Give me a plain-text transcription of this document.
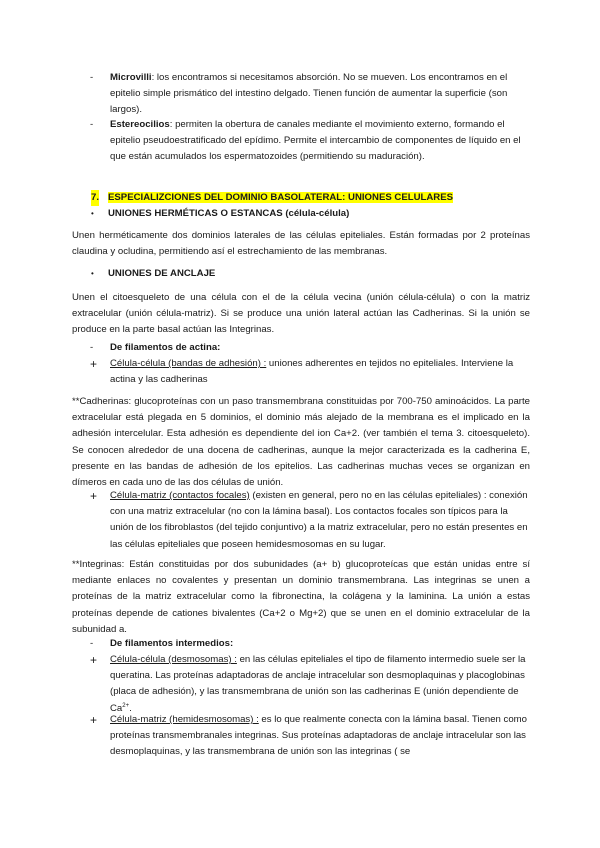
- Microvilli: los encontramos si necesitamos absorción. No se mueven. Los encontramos en el epitelio simple prismático del intestino delgado. Tienen función de aumentar la superficie (son largos).
- Estereocilios: permiten la obertura de canales mediante el movimiento externo, formando el epitelio pseudoestratificado del epídimo. Permite el intercambio de componentes de líquido en el que están acumulados los espermatozoides (permitiendo su maduración).
7. ESPECIALIZCIONES DEL DOMINIO BASOLATERAL: UNIONES CELULARES
• UNIONES HERMÉTICAS O ESTANCAS (célula-célula)

Unen herméticamente dos dominios laterales de las células epiteliales. Están formadas por 2 proteínas claudina y ocludina, permitiendo así el estrechamiento de las membranas.

• UNIONES DE ANCLAJE

Unen el citoesqueleto de una célula con el de la célula vecina (unión célula-célula) o con la matriz extracelular (unión célula-matriz). Si se produce una unión lateral actúan las Cadherinas. Si la unión se produce en la parte basal actúan las Integrinas.

- De filamentos de actina:
+ Célula-célula (bandas de adhesión) : uniones adherentes en tejidos no epiteliales. Interviene la actina y las cadherinas

**Cadherinas: glucoproteínas con un paso transmembrana constituidas por 700-750 aminoácidos. La parte extracelular está plegada en 5 dominios, el dominio más alejado de la membrana es el implicado en la adhesión intercelular. Esta adhesión es dependiente del ion Ca+2. (ver también el tema 3. citoesqueleto). Se conocen alrededor de una docena de cadherinas, aunque la mejor caracterizada es la cadherina E, presente en las bandas de adhesión de los epitelios. Las cadherinas muchas veces se organizan en dímeros en cada uno de las dos células de unión.

+ Célula-matriz (contactos focales) (existen en general, pero no en las células epiteliales) : conexión con una matriz extracelular (no con la lámina basal). Los contactos focales son típicos para la unión de los fibroblastos (del tejido conjuntivo) a la matriz extracelular, pero no están presentes en las células epiteliales que poseen hemidesmosomas en su lugar.

**Integrinas: Están constituidas por dos subunidades (a+ b) glucoproteícas que están unidas entre sí mediante enlaces no covalentes y presentan un dominio transmembrana. Las integrinas se unen a proteínas de la matriz extracelular como la fibronectina, la colágena y la laminina. La unión a estas proteínas depende de cationes bivalentes (Ca+2 o Mg+2) que se unen en el dominio extracelular de la subunidad a.

- De filamentos intermedios:
+ Célula-célula (desmosomas) : en las células epiteliales el tipo de filamento intermedio suele ser la queratina. Las proteínas adaptadoras de anclaje intracelular son desmoplaquinas y placoglobinas (placa de adhesión), y las transmembrana de unión son las cadherinas E (unión dependiente de $Ca^{2+}$.
+ Célula-matriz (hemidesmosomas) : es lo que realmente conecta con la lámina basal. Tienen como proteínas transmembranales integrinas. Sus proteínas adaptadoras de anclaje intracelular son las desmoplaquinas, y las transmembrana de unión son las integrinas ( se
